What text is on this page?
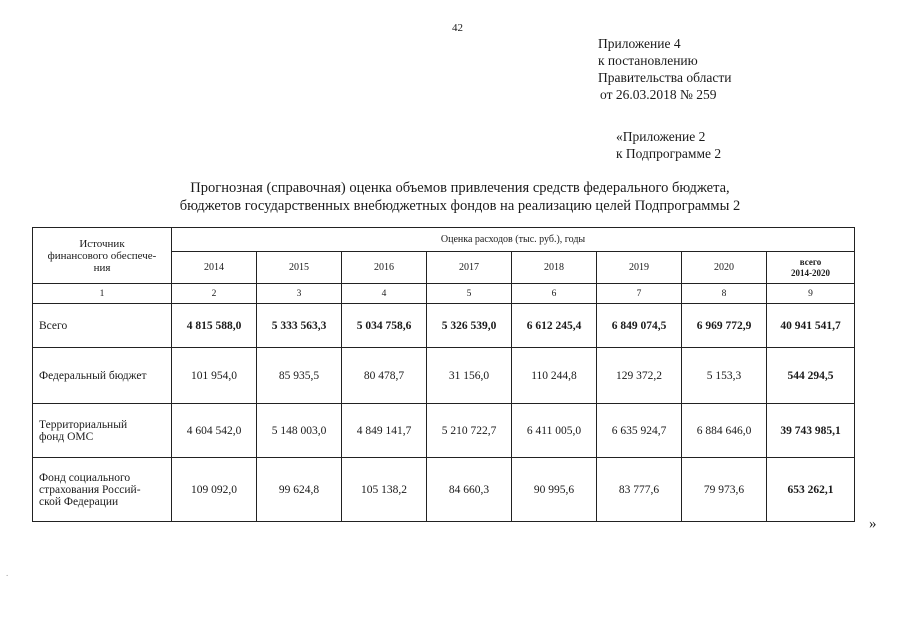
42
Приложение 4
к постановлению
Правительства области
от 26.03.2018 № 259
«Приложение 2
к Подпрограмме 2
Прогнозная (справочная) оценка объемов привлечения средств федерального бюджета,
бюджетов государственных внебюджетных фондов на реализацию целей Подпрограммы 2
Источник
финансового обеспече-
ния	Оценка расходов (тыс. руб.), годы							
	2014	2015	2016	2017	2018	2019	2020	всего
2014-2020

1	2	3	4	5	6	7	8	9

Всего	4 815 588,0	5 333 563,3	5 034 758,6	5 326 539,0	6 612 245,4	6 849 074,5	6 969 772,9	40 941 541,7

Федеральный бюджет	101 954,0	85 935,5	80 478,7	31 156,0	110 244,8	129 372,2	5 153,3	544 294,5

Территориальный
фонд ОМС	4 604 542,0	5 148 003,0	4 849 141,7	5 210 722,7	6 411 005,0	6 635 924,7	6 884 646,0	39 743 985,1

Фонд социального
страхования Россий-
ской Федерации	109 092,0	99 624,8	105 138,2	84 660,3	90 995,6	83 777,6	79 973,6	653 262,1
»
.
